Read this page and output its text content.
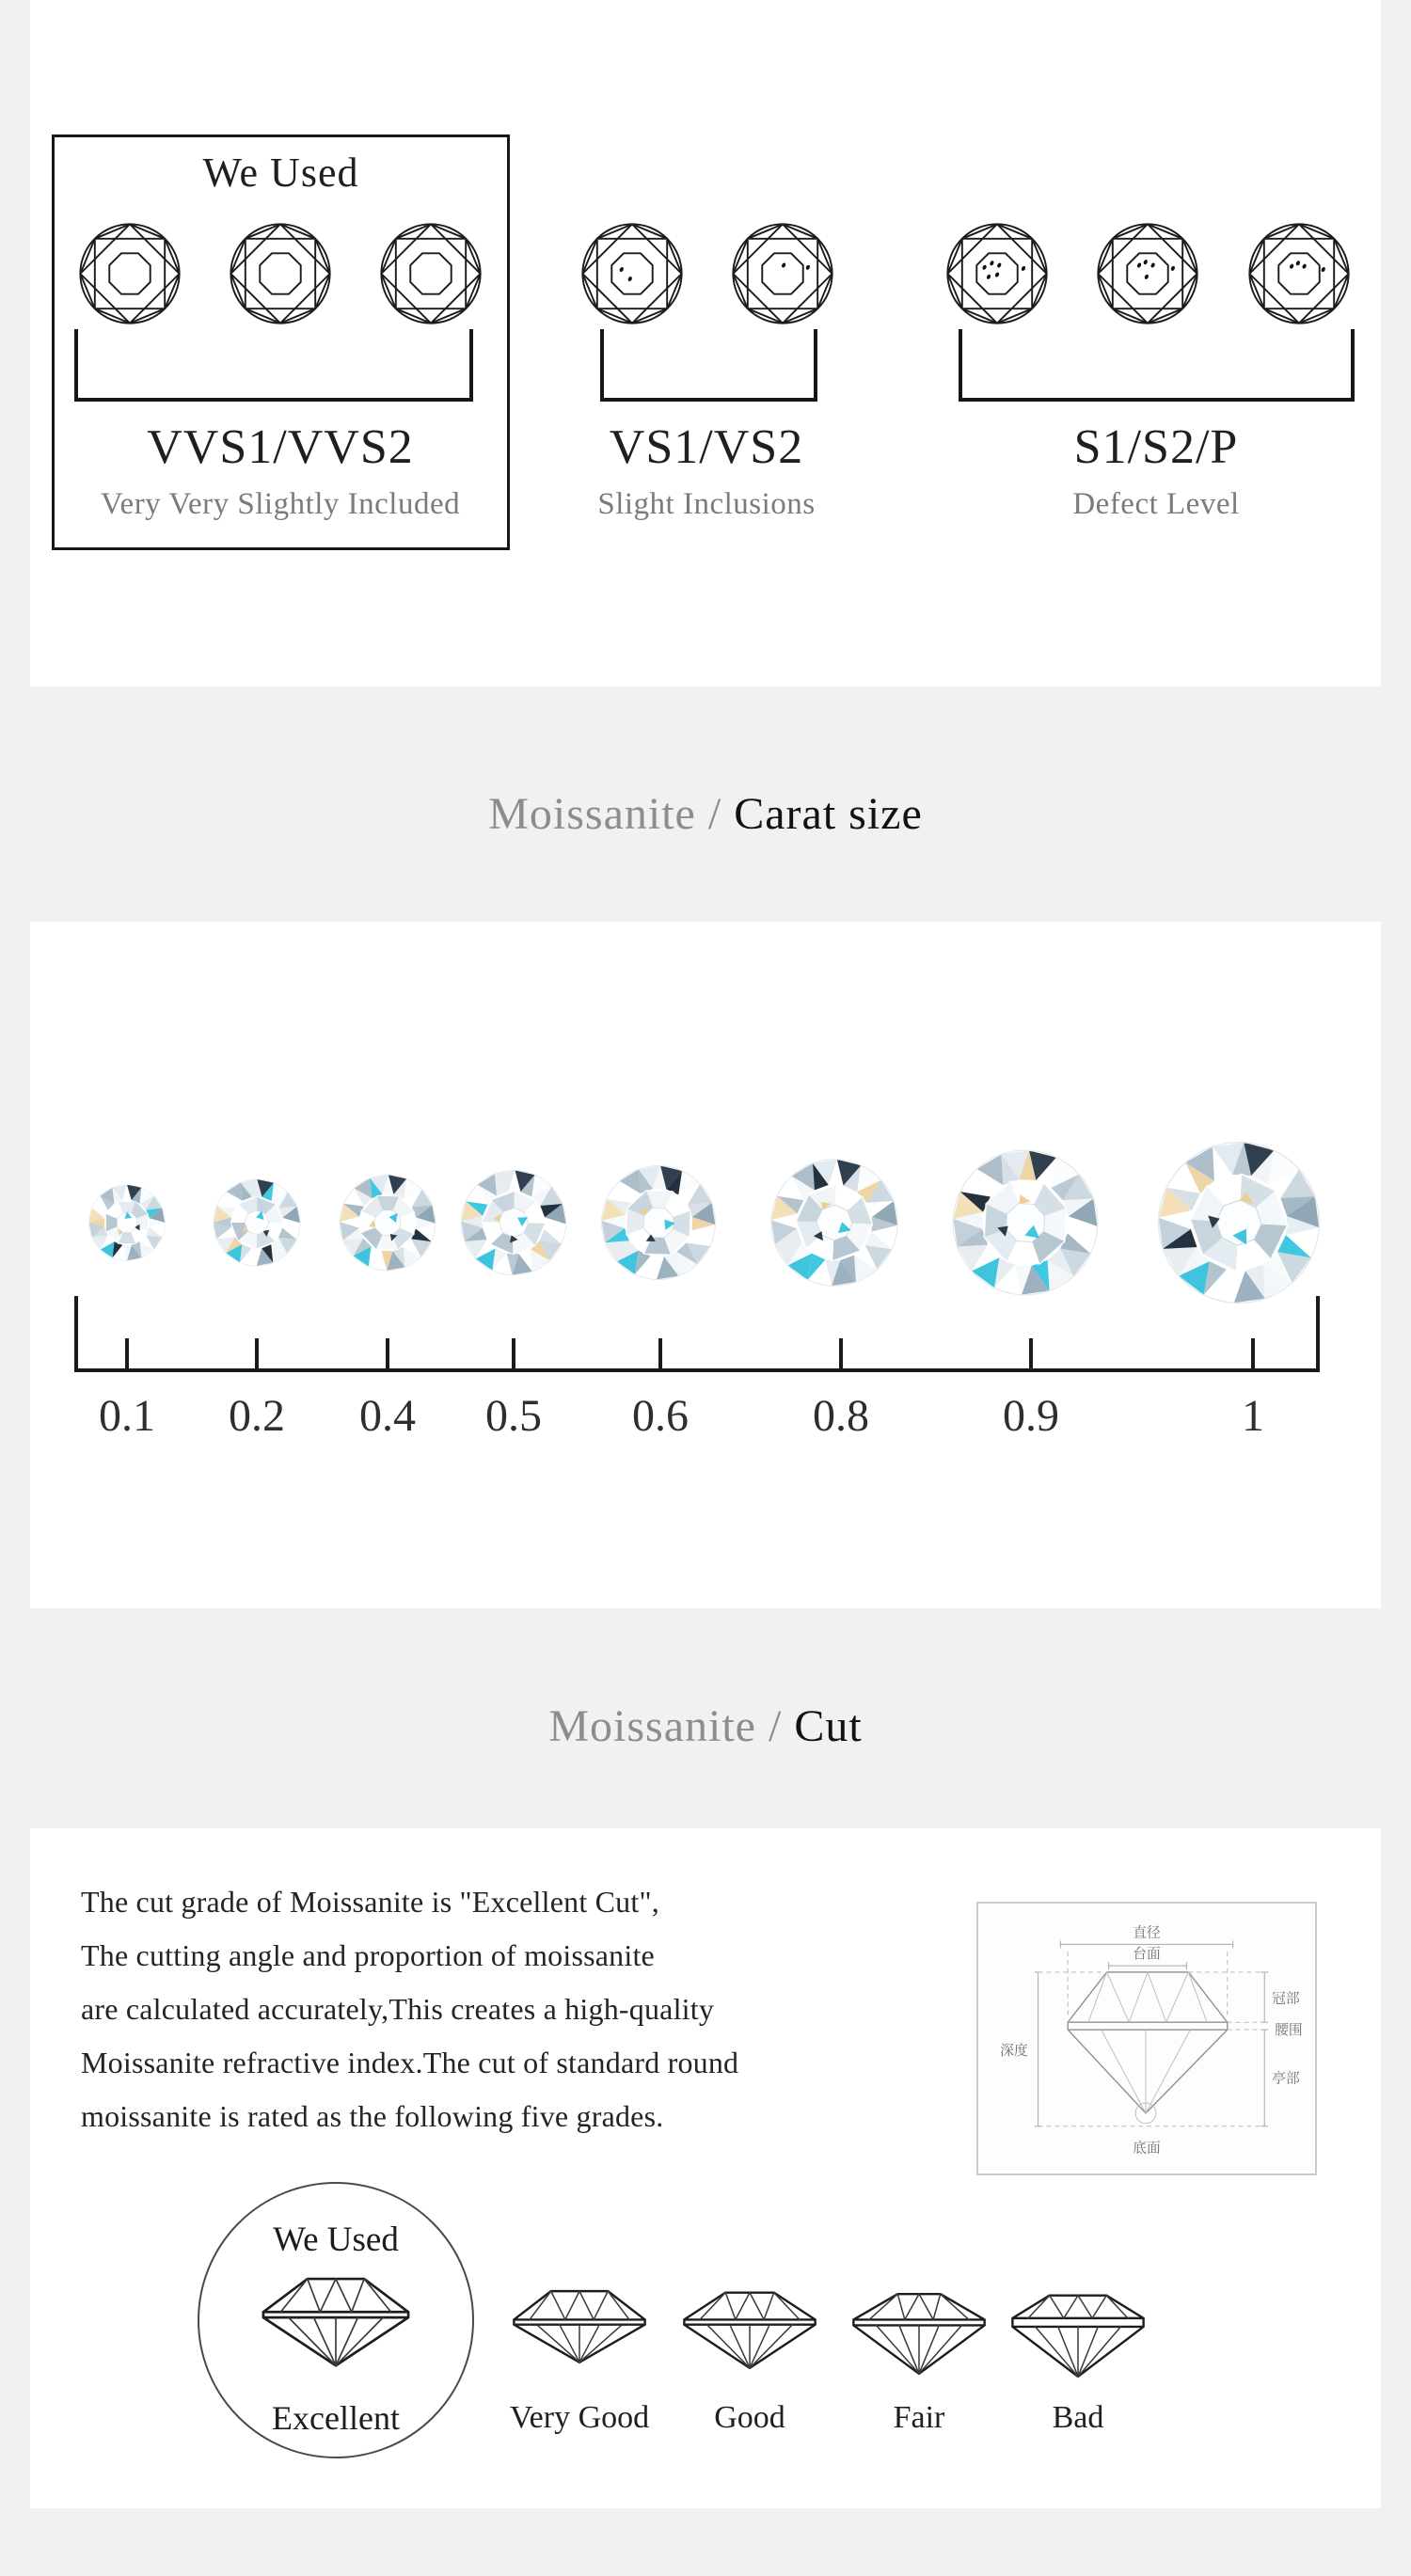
We Used
VVS1/VVS2
Very Very Slightly Included
VS1/VS2
Slight Inclusions
S1/S2/P
Defect Level
Moissanite / Carat size
0.1 0.2 0.4 0.5 0.6	0.8	0.9	1
Moissanite / Cut
The cut grade of Moissanite is "Excellent Cut",
The cutting angle and proportion of moissanite
are calculated accurately,This creates a high-quality
Moissanite refractive index.The cut of standard round
moissanite is rated as the following five grades.
直径
台面
深度
冠部
腰围
亭部
底面
We Used
Excellent	Very Good Good	Fair	Bad
